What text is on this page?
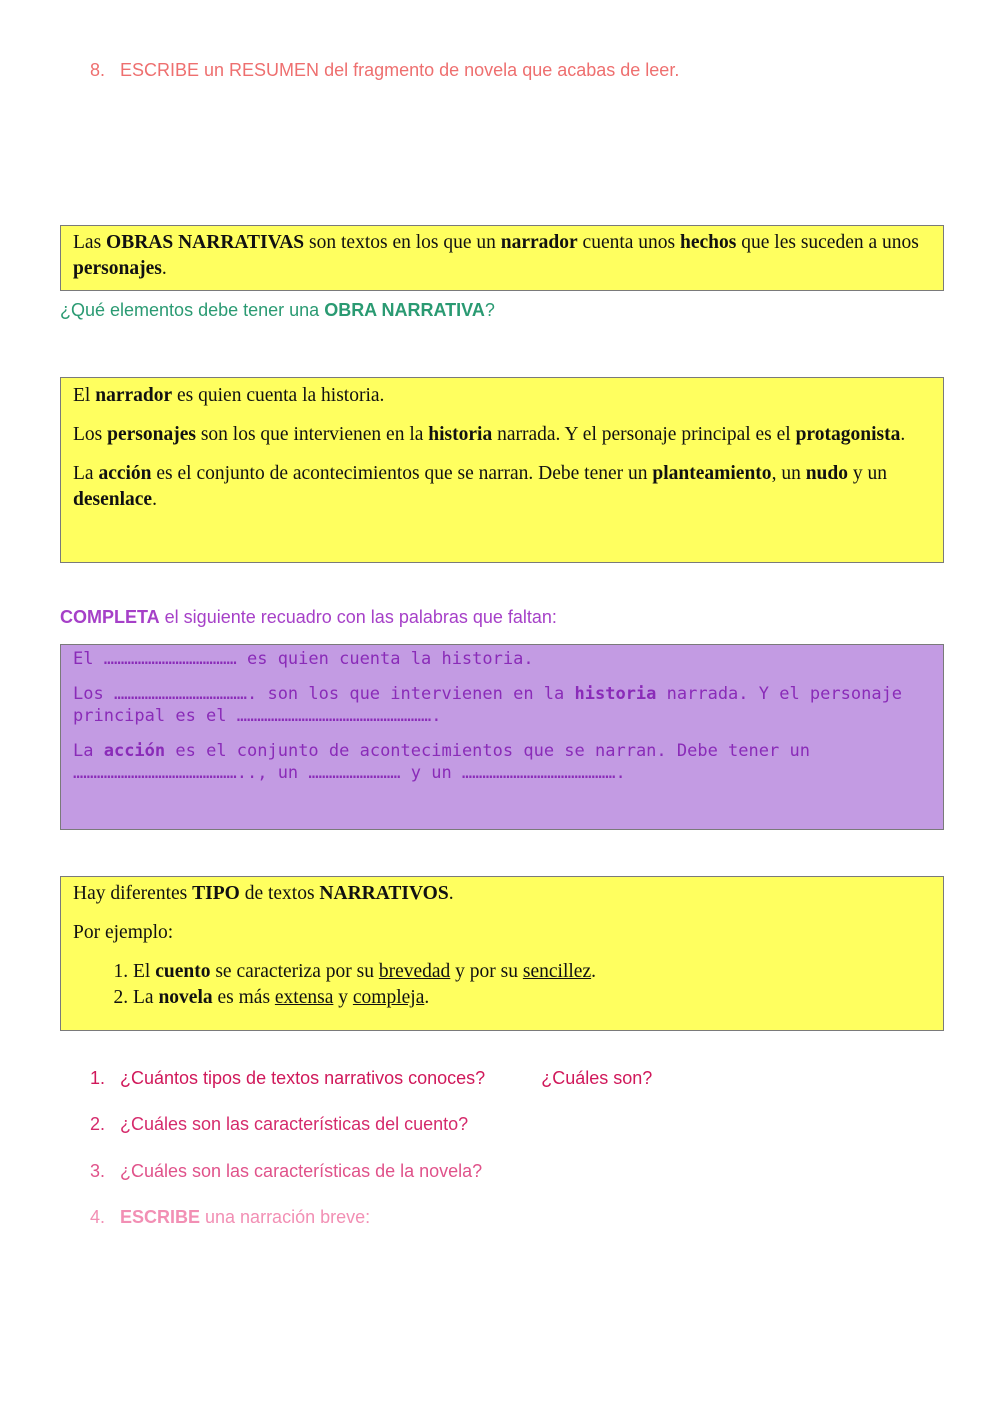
8. ESCRIBE un RESUMEN del fragmento de novela que acabas de leer.
Las OBRAS NARRATIVAS son textos en los que un narrador cuenta unos hechos que les suceden a unos personajes.
¿Qué elementos debe tener una OBRA NARRATIVA?

El narrador es quien cuenta la historia.

Los personajes son los que intervienen en la historia narrada. Y el personaje principal es el protagonista.

La acción es el conjunto de acontecimientos que se narran. Debe tener un planteamiento, un nudo y un desenlace.

COMPLETA el siguiente recuadro con las palabras que faltan:

El ………………………………… es quien cuenta la historia.

Los …………………………………. son los que intervienen en la historia narrada. Y el personaje principal es el ………………………………………………….

La acción es el conjunto de acontecimientos que se narran. Debe tener un ………………………………………….., un ……………………… y un ……………………………………….

Hay diferentes TIPO de textos NARRATIVOS.

Por ejemplo:

1. El cuento se caracteriza por su brevedad y por su sencillez.
2. La novela es más extensa y compleja.
1. ¿Cuántos tipos de textos narrativos conoces?	¿Cuáles son?
2. ¿Cuáles son las características del cuento?
3. ¿Cuáles son las características de la novela?
4. ESCRIBE una narración breve:
